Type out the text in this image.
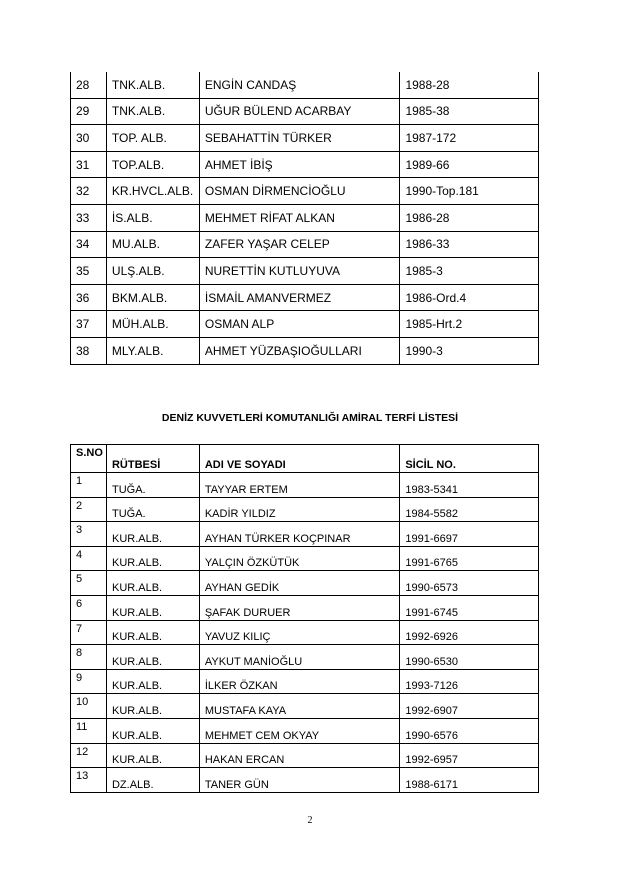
28	TNK.ALB.	ENGİN CANDAŞ	1988-28
29	TNK.ALB.	UĞUR BÜLEND ACARBAY	1985-38
30	TOP. ALB.	SEBAHATTİN TÜRKER	1987-172
31	TOP.ALB.	AHMET İBİŞ	1989-66
32	KR.HVCL.ALB.	OSMAN DİRMENCİOĞLU	1990-Top.181
33	İS.ALB.	MEHMET RİFAT ALKAN	1986-28
34	MU.ALB.	ZAFER YAŞAR CELEP	1986-33
35	ULŞ.ALB.	NURETTİN KUTLUYUVA	1985-3
36	BKM.ALB.	İSMAİL AMANVERMEZ	1986-Ord.4
37	MÜH.ALB.	OSMAN ALP	1985-Hrt.2
38	MLY.ALB.	AHMET YÜZBAŞIOĞULLARI	1990-3
DENİZ KUVVETLERİ KOMUTANLIĞI AMİRAL TERFİ LİSTESİ
S.NO	RÜTBESİ	ADI VE SOYADI	SİCİL NO.
1	TUĞA.	TAYYAR ERTEM	1983-5341
2	TUĞA.	KADİR YILDIZ	1984-5582
3	KUR.ALB.	AYHAN TÜRKER KOÇPINAR	1991-6697
4	KUR.ALB.	YALÇIN ÖZKÜTÜK	1991-6765
5	KUR.ALB.	AYHAN GEDİK	1990-6573
6	KUR.ALB.	ŞAFAK DURUER	1991-6745
7	KUR.ALB.	YAVUZ KILIÇ	1992-6926
8	KUR.ALB.	AYKUT MANİOĞLU	1990-6530
9	KUR.ALB.	İLKER ÖZKAN	1993-7126
10	KUR.ALB.	MUSTAFA KAYA	1992-6907
11	KUR.ALB.	MEHMET CEM OKYAY	1990-6576
12	KUR.ALB.	HAKAN ERCAN	1992-6957
13	DZ.ALB.	TANER GÜN	1988-6171
2
